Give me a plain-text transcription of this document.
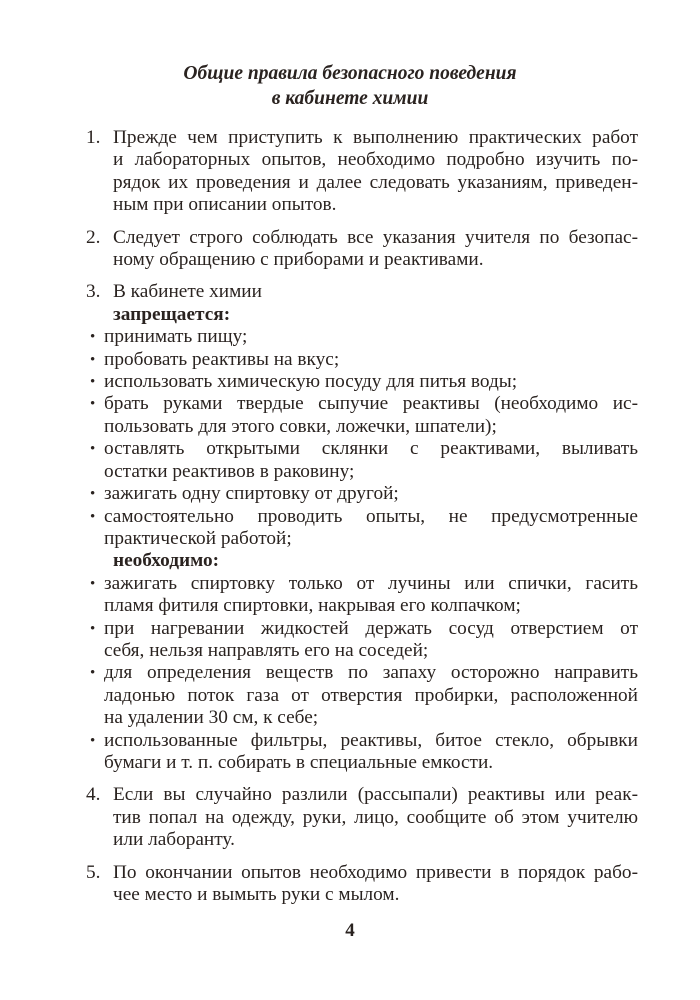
Общие правила безопасного поведения
в кабинете химии
1. Прежде чем приступить к выполнению практических работ
и лабораторных опытов, необходимо подробно изучить по-
рядок их проведения и далее следовать указаниям, приведен-
ным при описании опытов.
2. Следует строго соблюдать все указания учителя по безопас-
ному обращению с приборами и реактивами.
3. В кабинете химии
запрещается:
• принимать пищу;
• пробовать реактивы на вкус;
• использовать химическую посуду для питья воды;
• брать руками твердые сыпучие реактивы (необходимо ис-
пользовать для этого совки, ложечки, шпатели);
• оставлять открытыми склянки с реактивами, выливать
остатки реактивов в раковину;
• зажигать одну спиртовку от другой;
• самостоятельно проводить опыты, не предусмотренные
практической работой;
необходимо:
• зажигать спиртовку только от лучины или спички, гасить
пламя фитиля спиртовки, накрывая его колпачком;
• при нагревании жидкостей держать сосуд отверстием от
себя, нельзя направлять его на соседей;
• для определения веществ по запаху осторожно направить
ладонью поток газа от отверстия пробирки, расположенной
на удалении 30 см, к себе;
• использованные фильтры, реактивы, битое стекло, обрывки
бумаги и т. п. собирать в специальные емкости.
4. Если вы случайно разлили (рассыпали) реактивы или реак-
тив попал на одежду, руки, лицо, сообщите об этом учителю
или лаборанту.
5. По окончании опытов необходимо привести в порядок рабо-
чее место и вымыть руки с мылом.
4
